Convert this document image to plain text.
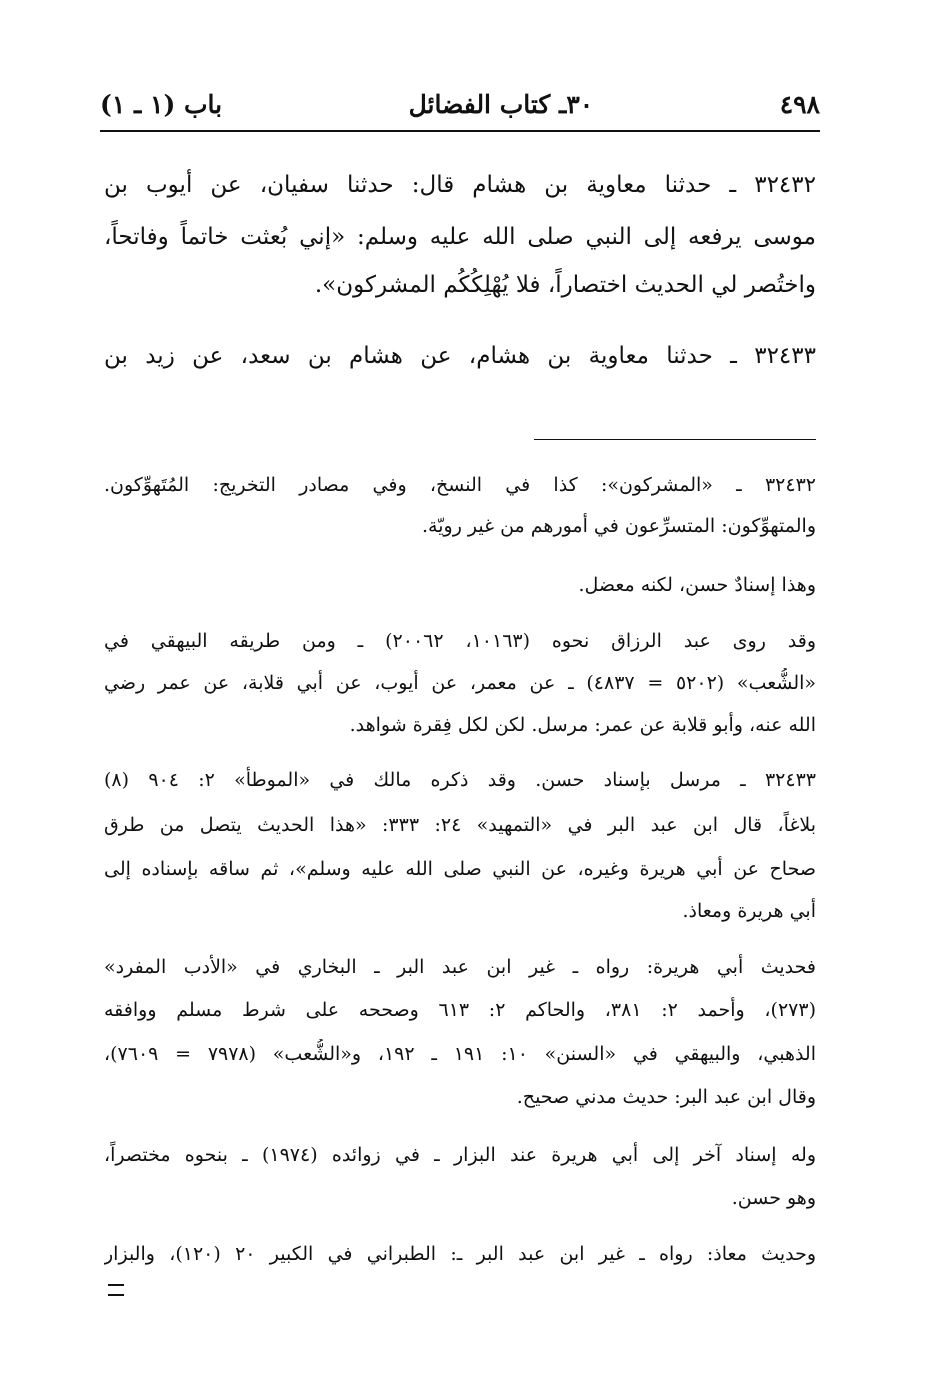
باب (١ ـ ١)	٣٠ـ كتاب الفضائل	٤٩٨
٣٢٤٣٢ ـ حدثنا معاوية بن هشام قال: حدثنا سفيان، عن أيوب بن
موسى يرفعه إلى النبي صلى الله عليه وسلم: «إني بُعثت خاتماً وفاتحاً،
واختُصر لي الحديث اختصاراً، فلا يُهْلِكُكُم المشركون».
٣٢٤٣٣ ـ حدثنا معاوية بن هشام، عن هشام بن سعد، عن زيد بن
٣٢٤٣٢ ـ «المشركون»: كذا في النسخ، وفي مصادر التخريج: المُتَهوِّكون.
والمتهوِّكون: المتسرِّعون في أمورهم من غير رويّة.
وهذا إسنادٌ حسن، لكنه معضل.
وقد روى عبد الرزاق نحوه (١٠١٦٣، ٢٠٠٦٢) ـ ومن طريقه البيهقي في
«الشُّعب» (٥٢٠٢ = ٤٨٣٧) ـ عن معمر، عن أيوب، عن أبي قلابة، عن عمر رضي
الله عنه، وأبو قلابة عن عمر: مرسل. لكن لكل فِقرة شواهد.
٣٢٤٣٣ ـ مرسل بإسناد حسن. وقد ذكره مالك في «الموطأ» ٢: ٩٠٤ (٨)
بلاغاً، قال ابن عبد البر في «التمهيد» ٢٤: ٣٣٣: «هذا الحديث يتصل من طرق
صحاح عن أبي هريرة وغيره، عن النبي صلى الله عليه وسلم»، ثم ساقه بإسناده إلى
أبي هريرة ومعاذ.
فحديث أبي هريرة: رواه ـ غير ابن عبد البر ـ البخاري في «الأدب المفرد»
(٢٧٣)، وأحمد ٢: ٣٨١، والحاكم ٢: ٦١٣ وصححه على شرط مسلم ووافقه
الذهبي، والبيهقي في «السنن» ١٠: ١٩١ ـ ١٩٢، و«الشُّعب» (٧٩٧٨ = ٧٦٠٩)،
وقال ابن عبد البر: حديث مدني صحيح.
وله إسناد آخر إلى أبي هريرة عند البزار ـ في زوائده (١٩٧٤) ـ بنحوه مختصراً،
وهو حسن.
وحديث معاذ: رواه ـ غير ابن عبد البر ـ: الطبراني في الكبير ٢٠ (١٢٠)، والبزار
